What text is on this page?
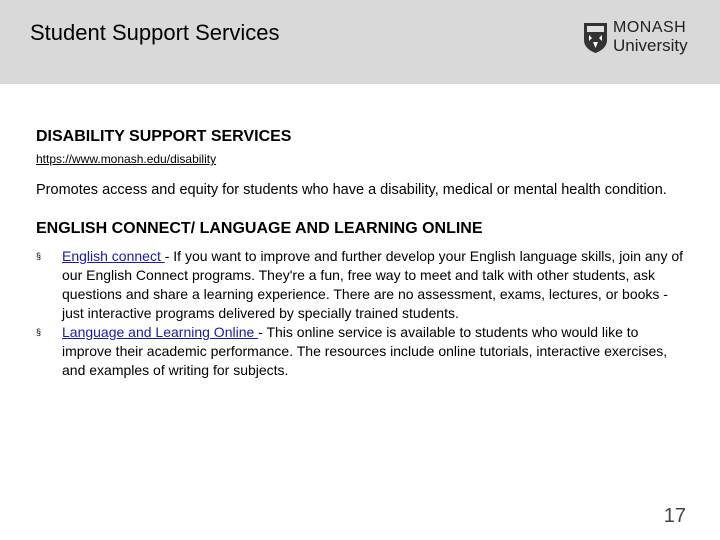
Student Support Services	MONASH
University
DISABILITY SUPPORT SERVICES
https://www.monash.edu/disability

Promotes access and equity for students who have a disability, medical or mental health condition.

ENGLISH CONNECT/ LANGUAGE AND LEARNING ONLINE
§ English connect - If you want to improve and further develop your English language skills, join any of our English Connect programs. They're a fun, free way to meet and talk with other students, ask questions and share a learning experience. There are no assessment, exams, lectures, or books - just interactive programs delivered by specially trained students.
§ Language and Learning Online - This online service is available to students who would like to improve their academic performance. The resources include online tutorials, interactive exercises, and examples of writing for subjects.
17
